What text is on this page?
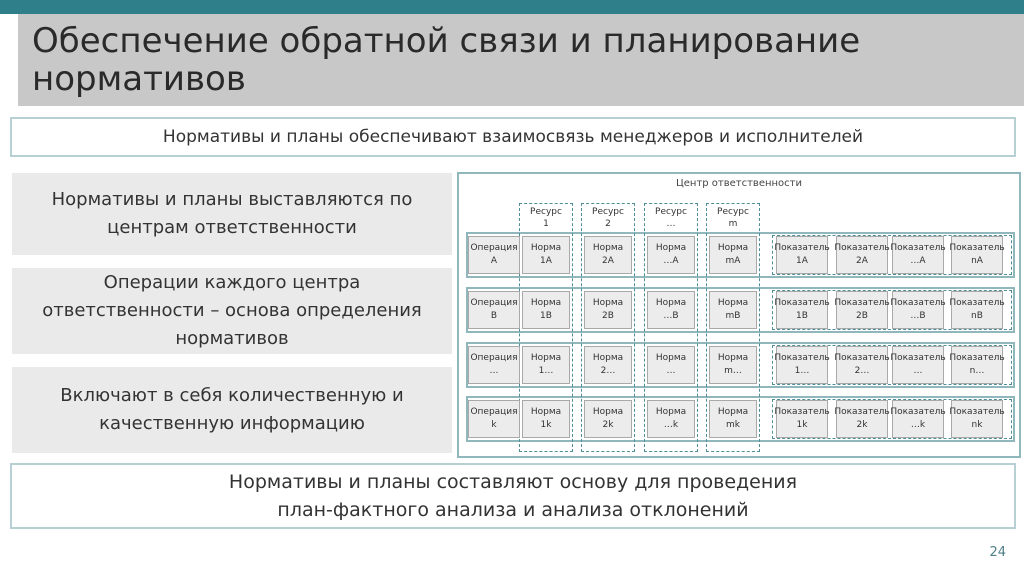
Обеспечение обратной связи и планирование нормативов
Нормативы и планы обеспечивают взаимосвязь менеджеров и исполнителей
Нормативы и планы выставляются по центрам ответственности
Операции каждого центра ответственности – основа определения нормативов
Включают в себя количественную и качественную информацию
Центр ответственности
Ресурс
1
Ресурс
2
Ресурс
…
Ресурс
m
Операция
A
Норма
1A
Норма
2A
Норма
…A
Норма
mA
Показатель
1A
Показатель
2A
Показатель
…A
Показатель
nA
Операция
B
Норма
1B
Норма
2B
Норма
…B
Норма
mB
Показатель
1B
Показатель
2B
Показатель
…B
Показатель
nB
Операция
…
Норма
1…
Норма
2…
Норма
…
Норма
m…
Показатель
1…
Показатель
2…
Показатель
…
Показатель
n…
Операция
k
Норма
1k
Норма
2k
Норма
…k
Норма
mk
Показатель
1k
Показатель
2k
Показатель
…k
Показатель
nk
Нормативы и планы составляют основу для проведения план-фактного анализа и анализа отклонений
24
